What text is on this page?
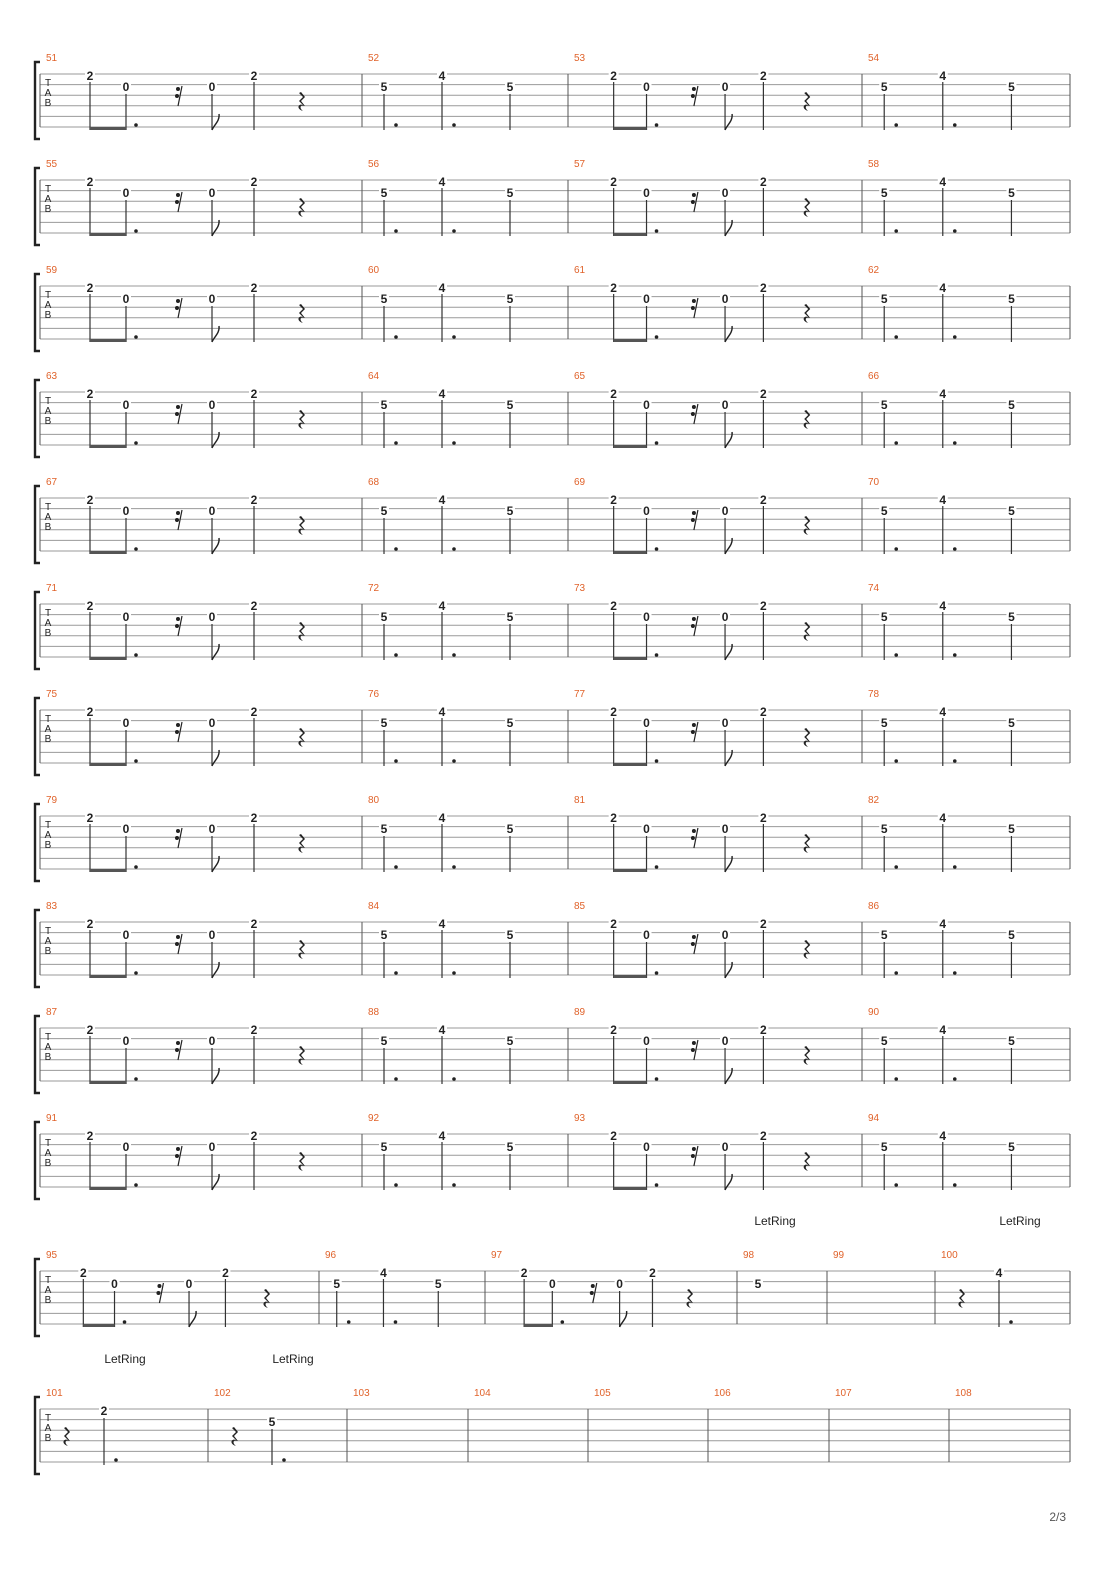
T
A
B
51
2
0	0
2
52
5
4
5
53
2
0	0
2
54
5
4
5
T
A
B
55
2
0	0
2
56
5
4
5
57
2
0	0
2
58
5
4
5
T
A
B
59
2
0	0
2
60
5
4
5
61
2
0	0
2
62
5
4
5
T
A
B
63
2
0	0
2
64
5
4
5
65
2
0	0
2
66
5
4
5
T
A
B
67
2
0	0
2
68
5
4
5
69
2
0	0
2
70
5
4
5
T
A
B
71
2
0	0
2
72
5
4
5
73
2
0	0
2
74
5
4
5
T
A
B
75
2
0	0
2
76
5
4
5
77
2
0	0
2
78
5
4
5
T
A
B
79
2
0	0
2
80
5
4
5
81
2
0	0
2
82
5
4
5
T
A
B
83
2
0	0
2
84
5
4
5
85
2
0	0
2
86
5
4
5
T
A
B
87
2
0	0
2
88
5
4
5
89
2
0	0
2
90
5
4
5
T
A
B
91
2
0	0
2
92
5
4
5
93
2
0	0
2
94
5
4
5
T
A
B
95
2
0	0
2
96
5
4
5
97
2
0	0
2
98
5
LetRing
99	100
4
LetRing
T
A
B
101
2
LetRing
102
5
LetRing
103	104	105	106	107	108
2/3
